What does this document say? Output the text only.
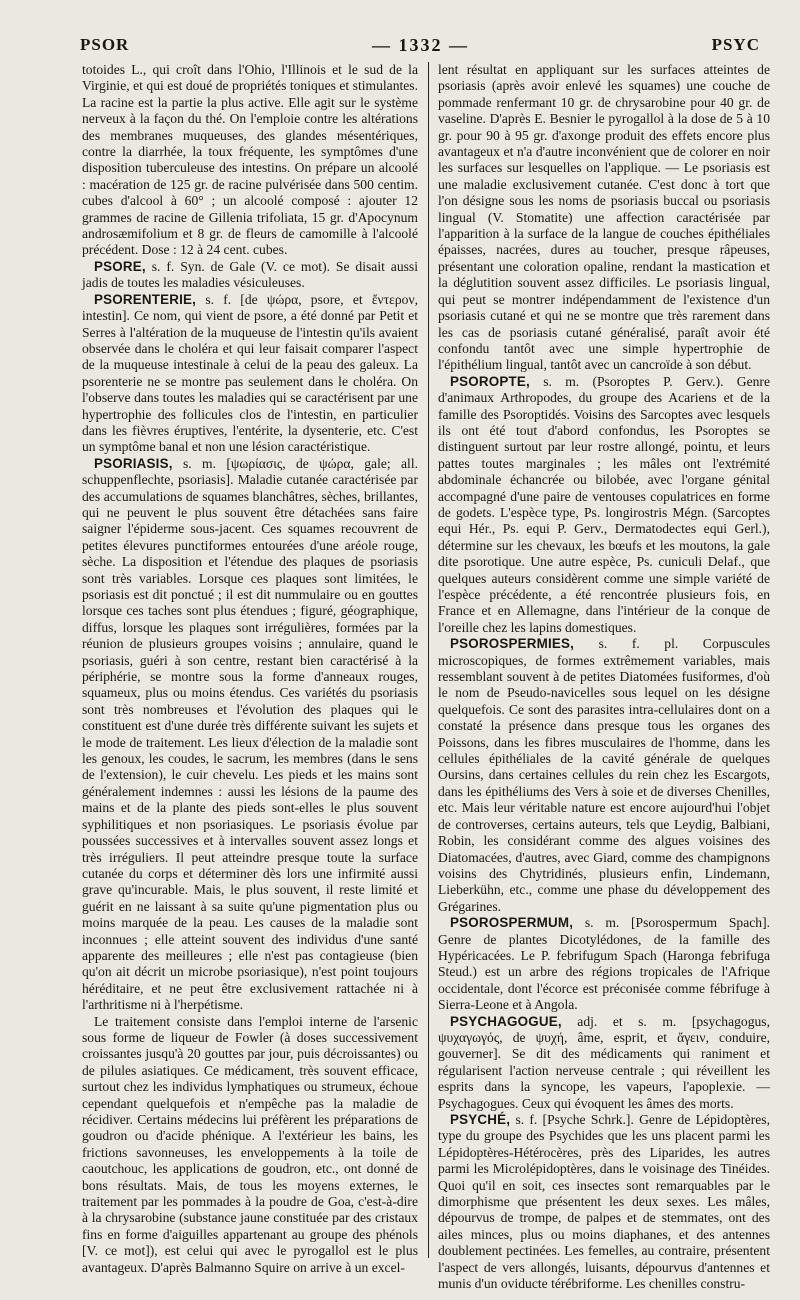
PSOR	— 1332 —	PSYC

totoides L., qui croît dans l'Ohio, l'Illinois et le sud de la Virginie, et qui est doué de propriétés toniques et stimulantes. La racine est la partie la plus active. Elle agit sur le système nerveux à la façon du thé. On l'emploie contre les altérations des membranes muqueuses, des glandes mésentériques, contre la diarrhée, la toux fréquente, les symptômes d'une disposition tuberculeuse des intestins. On prépare un alcoolé : macération de 125 gr. de racine pulvérisée dans 500 centim. cubes d'alcool à 60° ; un alcoolé composé : ajouter 12 grammes de racine de Gillenia trifoliata, 15 gr. d'Apocynum androsæmifolium et 8 gr. de fleurs de camomille à l'alcoolé précédent. Dose : 12 à 24 cent. cubes.

PSORE, s. f. Syn. de Gale (V. ce mot). Se disait aussi jadis de toutes les maladies vésiculeuses.

PSORENTERIE, s. f. [de ψώρα, psore, et ἔντερον, intestin]. Ce nom, qui vient de psore, a été donné par Petit et Serres à l'altération de la muqueuse de l'intestin qu'ils avaient observée dans le choléra et qui leur faisait comparer l'aspect de la muqueuse intestinale à celui de la peau des galeux. La psorenterie ne se montre pas seulement dans le choléra. On l'observe dans toutes les maladies qui se caractérisent par une hypertrophie des follicules clos de l'intestin, en particulier dans les fièvres éruptives, l'entérite, la dysenterie, etc. C'est un symptôme banal et non une lésion caractéristique.

PSORIASIS, s. m. [ψωρίασις, de ψώρα, gale; all. schuppenflechte, psoriasis]. Maladie cutanée caractérisée par des accumulations de squames blanchâtres, sèches, brillantes, qui ne peuvent le plus souvent être détachées sans faire saigner l'épiderme sous-jacent. Ces squames recouvrent de petites élevures punctiformes entourées d'une aréole rouge, sèche. La disposition et l'étendue des plaques de psoriasis sont très variables. Lorsque ces plaques sont limitées, le psoriasis est dit ponctué ; il est dit nummulaire ou en gouttes lorsque ces taches sont plus étendues ; figuré, géographique, diffus, lorsque les plaques sont irrégulières, formées par la réunion de plusieurs groupes voisins ; annulaire, quand le psoriasis, guéri à son centre, restant bien caractérisé à la périphérie, se montre sous la forme d'anneaux rouges, squameux, plus ou moins étendus. Ces variétés du psoriasis sont très nombreuses et l'évolution des plaques qui le constituent est d'une durée très différente suivant les sujets et le mode de traitement. Les lieux d'élection de la maladie sont les genoux, les coudes, le sacrum, les membres (dans le sens de l'extension), le cuir chevelu. Les pieds et les mains sont généralement indemnes : aussi les lésions de la paume des mains et de la plante des pieds sont-elles le plus souvent syphilitiques et non psoriasiques. Le psoriasis évolue par poussées successives et à intervalles souvent assez longs et très irréguliers. Il peut atteindre presque toute la surface cutanée du corps et déterminer dès lors une infirmité aussi grave qu'incurable. Mais, le plus souvent, il reste limité et guérit en ne laissant à sa suite qu'une pigmentation plus ou moins marquée de la peau. Les causes de la maladie sont inconnues ; elle atteint souvent des individus d'une santé apparente des meilleures ; elle n'est pas contagieuse (bien qu'on ait décrit un microbe psoriasique), n'est point toujours héréditaire, et ne peut être exclusivement rattachée ni à l'arthritisme ni à l'herpétisme.

Le traitement consiste dans l'emploi interne de l'arsenic sous forme de liqueur de Fowler (à doses successivement croissantes jusqu'à 20 gouttes par jour, puis décroissantes) ou de pilules asiatiques. Ce médicament, très souvent efficace, surtout chez les individus lymphatiques ou strumeux, échoue cependant quelquefois et n'empêche pas la maladie de récidiver. Certains médecins lui préfèrent les préparations de goudron ou d'acide phénique. A l'extérieur les bains, les frictions savonneuses, les enveloppements à la toile de caoutchouc, les applications de goudron, etc., ont donné de bons résultats. Mais, de tous les moyens externes, le traitement par les pommades à la poudre de Goa, c'est-à-dire à la chrysarobine (substance jaune constituée par des cristaux fins en forme d'aiguilles appartenant au groupe des phénols [V. ce mot]), est celui qui avec le pyrogallol est le plus avantageux. D'après Balmanno Squire on arrive à un excel-

lent résultat en appliquant sur les surfaces atteintes de psoriasis (après avoir enlevé les squames) une couche de pommade renfermant 10 gr. de chrysarobine pour 40 gr. de vaseline. D'après E. Besnier le pyrogallol à la dose de 5 à 10 gr. pour 90 à 95 gr. d'axonge produit des effets encore plus avantageux et n'a d'autre inconvénient que de colorer en noir les surfaces sur lesquelles on l'applique. — Le psoriasis est une maladie exclusivement cutanée. C'est donc à tort que l'on désigne sous les noms de psoriasis buccal ou psoriasis lingual (V. Stomatite) une affection caractérisée par l'apparition à la surface de la langue de couches épithéliales épaisses, nacrées, dures au toucher, presque râpeuses, présentant une coloration opaline, rendant la mastication et la déglutition souvent assez difficiles. Le psoriasis lingual, qui peut se montrer indépendamment de l'existence d'un psoriasis cutané et qui ne se montre que très rarement dans les cas de psoriasis cutané généralisé, paraît avoir été confondu tantôt avec une simple hypertrophie de l'épithélium lingual, tantôt avec un cancroïde à son début.

PSOROPTE, s. m. (Psoroptes P. Gerv.). Genre d'animaux Arthropodes, du groupe des Acariens et de la famille des Psoroptidés. Voisins des Sarcoptes avec lesquels ils ont été tout d'abord confondus, les Psoroptes se distinguent surtout par leur rostre allongé, pointu, et leurs pattes toutes marginales ; les mâles ont l'extrémité abdominale échancrée ou bilobée, avec l'organe génital accompagné d'une paire de ventouses copulatrices en forme de godets. L'espèce type, Ps. longirostris Mégn. (Sarcoptes equi Hér., Ps. equi P. Gerv., Dermatodectes equi Gerl.), détermine sur les chevaux, les bœufs et les moutons, la gale dite psorotique. Une autre espèce, Ps. cuniculi Delaf., que quelques auteurs considèrent comme une simple variété de l'espèce précédente, a été rencontrée plusieurs fois, en France et en Allemagne, dans l'intérieur de la conque de l'oreille chez les lapins domestiques.

PSOROSPERMIES, s. f. pl. Corpuscules microscopiques, de formes extrêmement variables, mais ressemblant souvent à de petites Diatomées fusiformes, d'où le nom de Pseudo-navicelles sous lequel on les désigne quelquefois. Ce sont des parasites intra-cellulaires dont on a constaté la présence dans presque tous les organes des Poissons, dans les fibres musculaires de l'homme, dans les cellules épithéliales de la cavité générale de quelques Oursins, dans certaines cellules du rein chez les Escargots, dans les épithéliums des Vers à soie et de diverses Chenilles, etc. Mais leur véritable nature est encore aujourd'hui l'objet de controverses, certains auteurs, tels que Leydig, Balbiani, Robin, les considérant comme des algues voisines des Diatomacées, d'autres, avec Giard, comme des champignons voisins des Chytridinés, plusieurs enfin, Lindemann, Lieberkühn, etc., comme une phase du développement des Grégarines.

PSOROSPERMUM, s. m. [Psorospermum Spach]. Genre de plantes Dicotylédones, de la famille des Hypéricacées. Le P. febrifugum Spach (Haronga febrifuga Steud.) est un arbre des régions tropicales de l'Afrique occidentale, dont l'écorce est préconisée comme fébrifuge à Sierra-Leone et à Angola.

PSYCHAGOGUE, adj. et s. m. [psychagogus, ψυχαγωγός, de ψυχή, âme, esprit, et ἄγειν, conduire, gouverner]. Se dit des médicaments qui raniment et régularisent l'action nerveuse centrale ; qui réveillent les esprits dans la syncope, les vapeurs, l'apoplexie. — Psychagogues. Ceux qui évoquent les âmes des morts.

PSYCHÉ, s. f. [Psyche Schrk.]. Genre de Lépidoptères, type du groupe des Psychides que les uns placent parmi les Lépidoptères-Hétérocères, près des Liparides, les autres parmi les Microlépidoptères, dans le voisinage des Tinéides. Quoi qu'il en soit, ces insectes sont remarquables par le dimorphisme que présentent les deux sexes. Les mâles, dépourvus de trompe, de palpes et de stemmates, ont des ailes minces, plus ou moins diaphanes, et des antennes doublement pectinées. Les femelles, au contraire, présentent l'aspect de vers allongés, luisants, dépourvus d'antennes et munis d'un oviducte térébriforme. Les chenilles constru-
